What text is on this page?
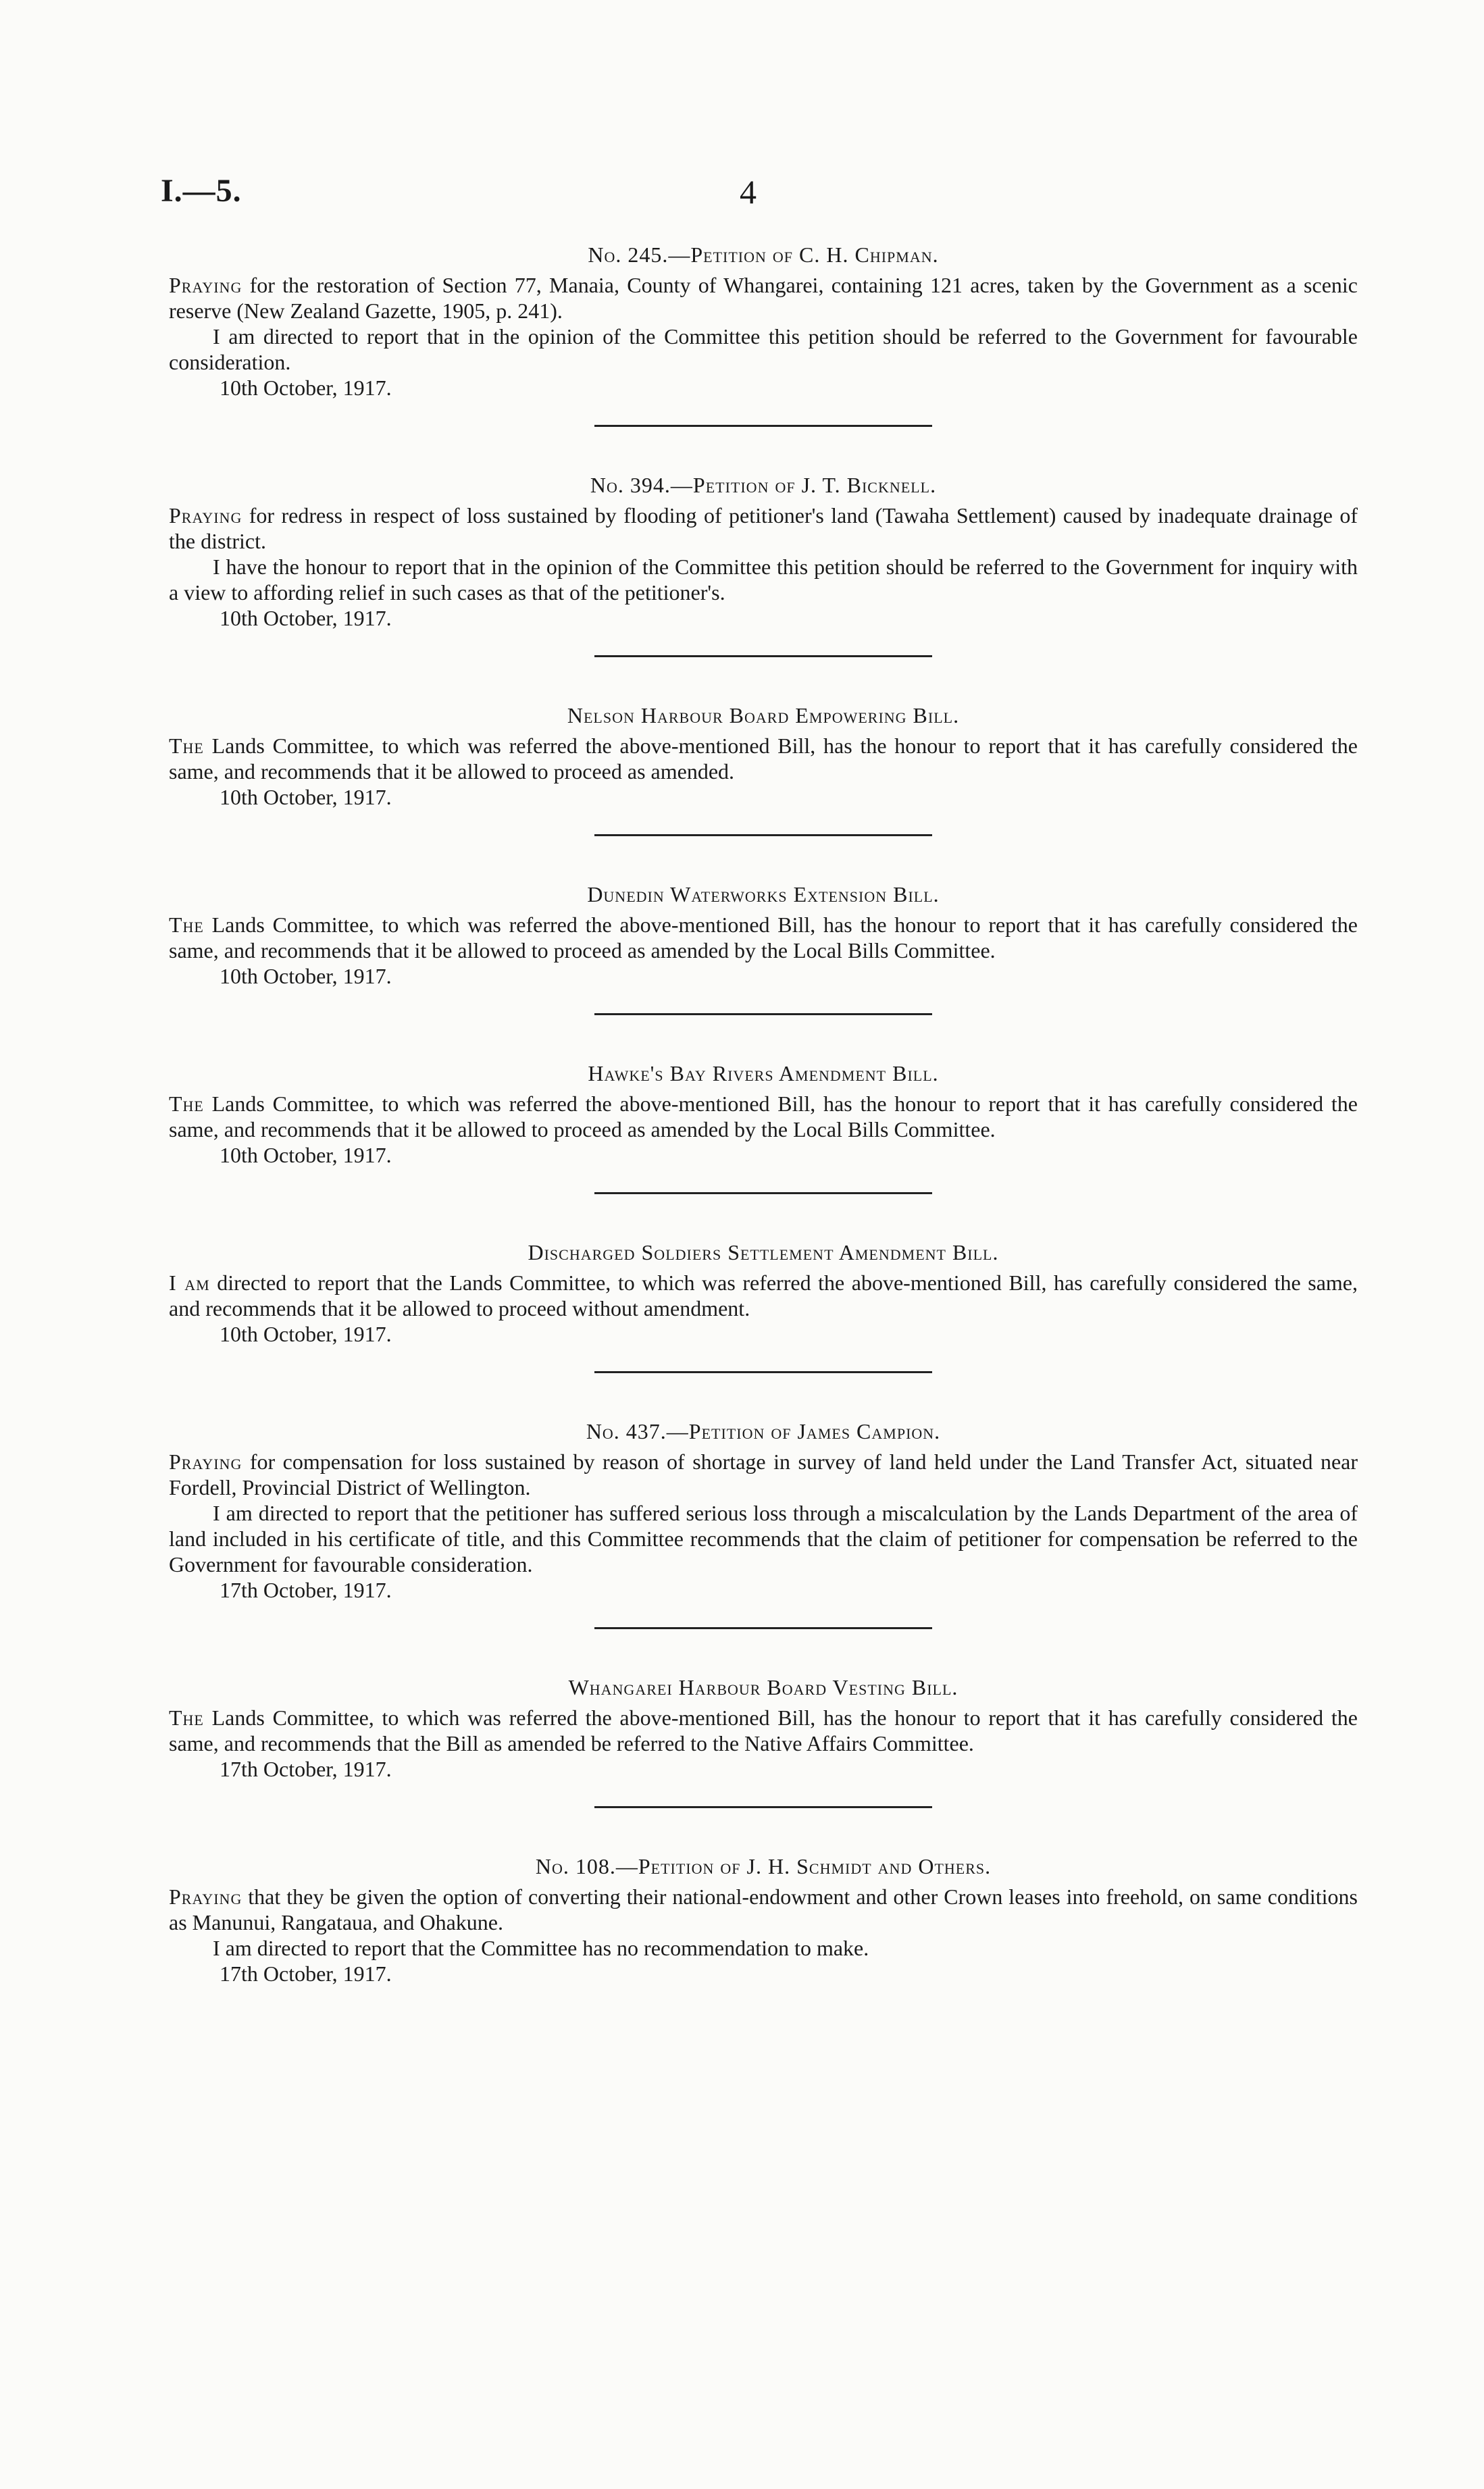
I.—5.	4
No. 245.—Petition of C. H. Chipman.

Praying for the restoration of Section 77, Manaia, County of Whangarei, containing 121 acres, taken by the Government as a scenic reserve (New Zealand Gazette, 1905, p. 241).

I am directed to report that in the opinion of the Committee this petition should be referred to the Government for favourable consideration.

10th October, 1917.

No. 394.—Petition of J. T. Bicknell.

Praying for redress in respect of loss sustained by flooding of petitioner's land (Tawaha Settlement) caused by inadequate drainage of the district.

I have the honour to report that in the opinion of the Committee this petition should be referred to the Government for inquiry with a view to affording relief in such cases as that of the petitioner's.

10th October, 1917.

Nelson Harbour Board Empowering Bill.

The Lands Committee, to which was referred the above-mentioned Bill, has the honour to report that it has carefully considered the same, and recommends that it be allowed to proceed as amended.

10th October, 1917.

Dunedin Waterworks Extension Bill.

The Lands Committee, to which was referred the above-mentioned Bill, has the honour to report that it has carefully considered the same, and recommends that it be allowed to proceed as amended by the Local Bills Committee.

10th October, 1917.

Hawke's Bay Rivers Amendment Bill.

The Lands Committee, to which was referred the above-mentioned Bill, has the honour to report that it has carefully considered the same, and recommends that it be allowed to proceed as amended by the Local Bills Committee.

10th October, 1917.

Discharged Soldiers Settlement Amendment Bill.

I am directed to report that the Lands Committee, to which was referred the above-mentioned Bill, has carefully considered the same, and recommends that it be allowed to proceed without amendment.

10th October, 1917.

No. 437.—Petition of James Campion.

Praying for compensation for loss sustained by reason of shortage in survey of land held under the Land Transfer Act, situated near Fordell, Provincial District of Wellington.

I am directed to report that the petitioner has suffered serious loss through a miscalculation by the Lands Department of the area of land included in his certificate of title, and this Committee recommends that the claim of petitioner for compensation be referred to the Government for favourable consideration.

17th October, 1917.

Whangarei Harbour Board Vesting Bill.

The Lands Committee, to which was referred the above-mentioned Bill, has the honour to report that it has carefully considered the same, and recommends that the Bill as amended be referred to the Native Affairs Committee.

17th October, 1917.

No. 108.—Petition of J. H. Schmidt and Others.

Praying that they be given the option of converting their national-endowment and other Crown leases into freehold, on same conditions as Manunui, Rangataua, and Ohakune.

I am directed to report that the Committee has no recommendation to make.

17th October, 1917.
